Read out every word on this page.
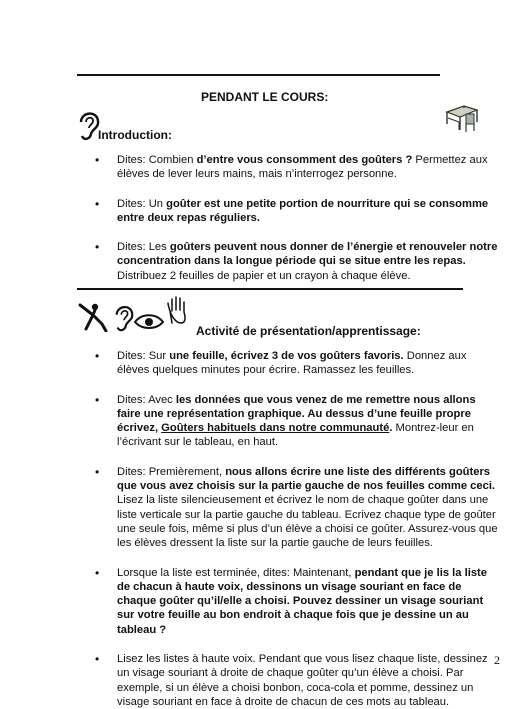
PENDANT LE COURS:
Introduction:
• Dites: Combien d’entre vous consomment des goûters ? Permettez aux élèves de lever leurs mains, mais n’interrogez personne.
• Dites: Un goûter est une petite portion de nourriture qui se consomme entre deux repas réguliers.
• Dites: Les goûters peuvent nous donner de l’énergie et renouveler notre concentration dans la longue période qui se situe entre les repas. Distribuez 2 feuilles de papier et un crayon à chaque élève.
Activité de présentation/apprentissage:
• Dites: Sur une feuille, écrivez 3 de vos goûters favoris. Donnez aux élèves quelques minutes pour écrire. Ramassez les feuilles.
• Dites: Avec les données que vous venez de me remettre nous allons faire une représentation graphique. Au dessus d’une feuille propre écrivez, Goûters habituels dans notre communauté. Montrez-leur en l’écrivant sur le tableau, en haut.
• Dites: Premièrement, nous allons écrire une liste des différents goûters que vous avez choisis sur la partie gauche de nos feuilles comme ceci. Lisez la liste silencieusement et écrivez le nom de chaque goûter dans une liste verticale sur la partie gauche du tableau. Ecrivez chaque type de goûter une seule fois, même si plus d’un élève a choisi ce goûter. Assurez-vous que les élèves dressent la liste sur la partie gauche de leurs feuilles.
• Lorsque la liste est terminée, dites: Maintenant, pendant que je lis la liste de chacun à haute voix, dessinons un visage souriant en face de chaque goûter qu’il/elle a choisi. Pouvez dessiner un visage souriant sur votre feuille au bon endroit à chaque fois que je dessine un au tableau ?
• Lisez les listes à haute voix. Pendant que vous lisez chaque liste, dessinez un visage souriant à droite de chaque goûter qu’un élève a choisi. Par exemple, si un élève a choisi bonbon, coca-cola et pomme, dessinez un visage souriant en face à droite de chacun de ces mots au tableau.
2
